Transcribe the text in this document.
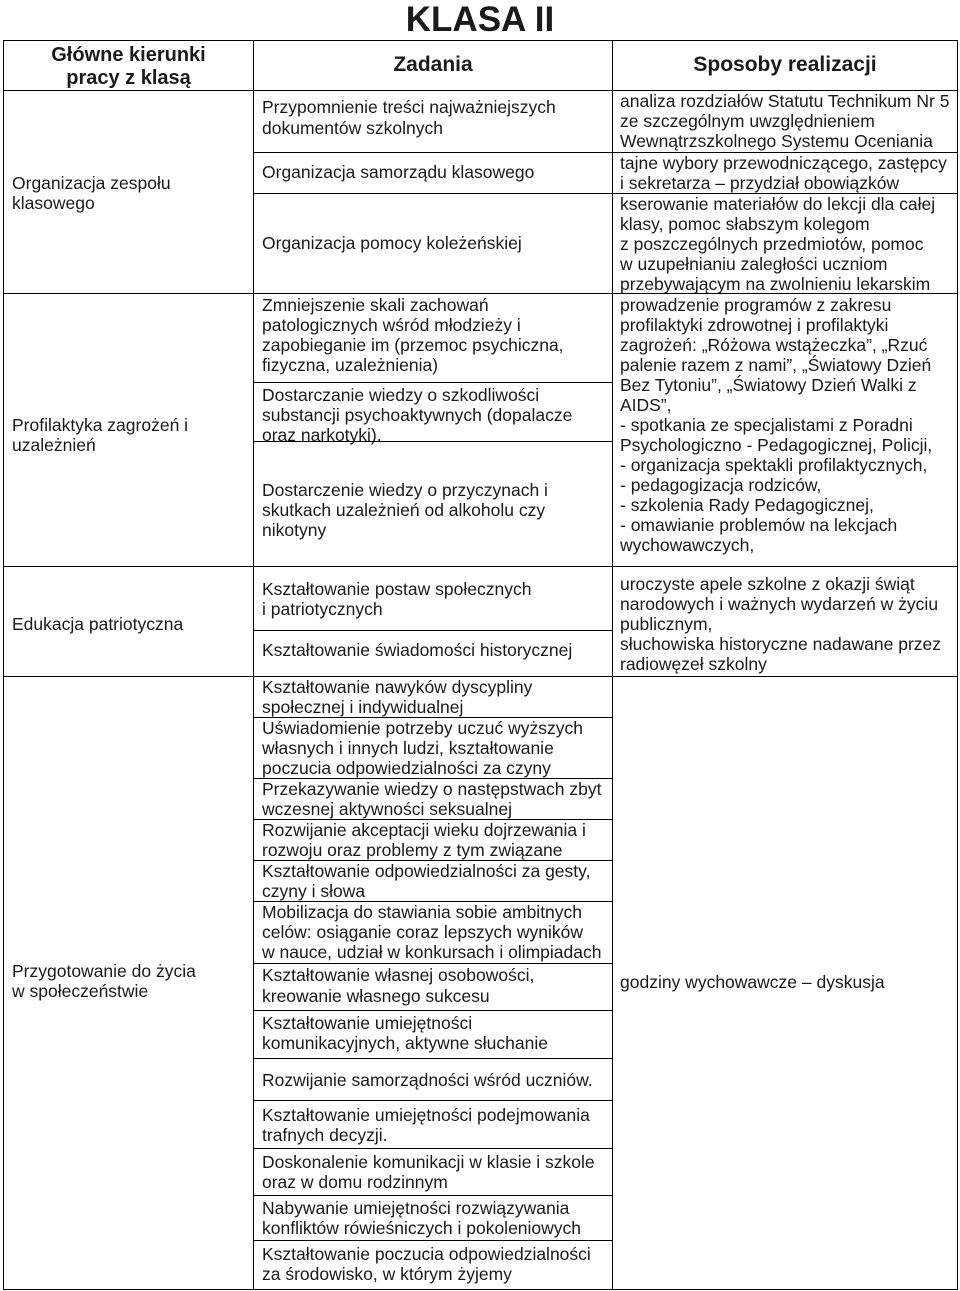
KLASA II
Główne kierunki
pracy z klasą
Zadania	Sposoby realizacji
Organizacja zespołu
klasowego
Przypomnienie treści najważniejszych
dokumentów szkolnych
Organizacja samorządu klasowego
Organizacja pomocy koleżeńskiej
analiza rozdziałów Statutu Technikum Nr 5
ze szczególnym uwzględnieniem
Wewnątrzszkolnego Systemu Oceniania
tajne wybory przewodniczącego, zastępcy
i sekretarza – przydział obowiązków
kserowanie materiałów do lekcji dla całej
klasy, pomoc słabszym kolegom
z poszczególnych przedmiotów, pomoc
w uzupełnianiu zaległości uczniom
przebywającym na zwolnieniu lekarskim
Profilaktyka zagrożeń i
uzależnień
Zmniejszenie skali zachowań
patologicznych wśród młodzieży i
zapobieganie im (przemoc psychiczna,
fizyczna, uzależnienia)
Dostarczanie wiedzy o szkodliwości
substancji psychoaktywnych (dopalacze
oraz narkotyki).
Dostarczenie wiedzy o przyczynach i
skutkach uzależnień od alkoholu czy
nikotyny
prowadzenie programów z zakresu
profilaktyki zdrowotnej i profilaktyki
zagrożeń: „Różowa wstążeczka”, „Rzuć
palenie razem z nami”, „Światowy Dzień
Bez Tytoniu”, „Światowy Dzień Walki z
AIDS”,
- spotkania ze specjalistami z Poradni
Psychologiczno - Pedagogicznej, Policji,
- organizacja spektakli profilaktycznych,
- pedagogizacja rodziców,
- szkolenia Rady Pedagogicznej,
- omawianie problemów na lekcjach
wychowawczych,
Edukacja patriotyczna
Kształtowanie postaw społecznych
i patriotycznych
Kształtowanie świadomości historycznej
uroczyste apele szkolne z okazji świąt
narodowych i ważnych wydarzeń w życiu
publicznym,
słuchowiska historyczne nadawane przez
radiowęzeł szkolny
Przygotowanie do życia
w społeczeństwie
Kształtowanie nawyków dyscypliny
społecznej i indywidualnej
Uświadomienie potrzeby uczuć wyższych
własnych i innych ludzi, kształtowanie
poczucia odpowiedzialności za czyny
Przekazywanie wiedzy o następstwach zbyt
wczesnej aktywności seksualnej
Rozwijanie akceptacji wieku dojrzewania i
rozwoju oraz problemy z tym związane
Kształtowanie odpowiedzialności za gesty,
czyny i słowa
Mobilizacja do stawiania sobie ambitnych
celów: osiąganie coraz lepszych wyników
w nauce, udział w konkursach i olimpiadach
Kształtowanie własnej osobowości,
kreowanie własnego sukcesu
Kształtowanie umiejętności
komunikacyjnych, aktywne słuchanie
Rozwijanie samorządności wśród uczniów.
Kształtowanie umiejętności podejmowania
trafnych decyzji.
Doskonalenie komunikacji w klasie i szkole
oraz w domu rodzinnym
Nabywanie umiejętności rozwiązywania
konfliktów rówieśniczych i pokoleniowych
Kształtowanie poczucia odpowiedzialności
za środowisko, w którym żyjemy
godziny wychowawcze – dyskusja
